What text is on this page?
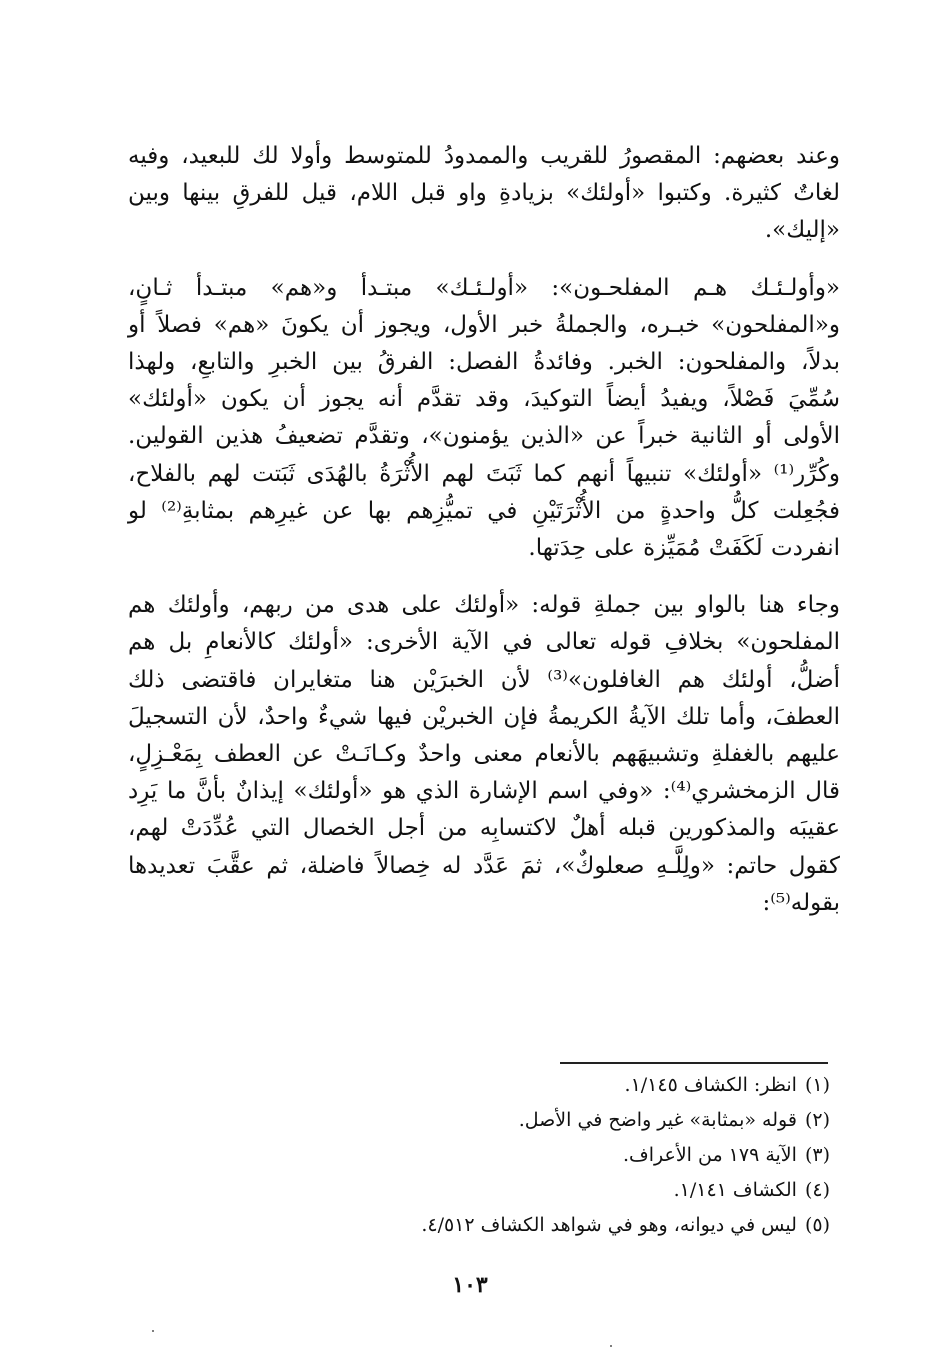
وعند بعضهم: المقصورُ للقريب والممدودُ للمتوسط وأولا لك للبعيد، وفيه لغاتٌ كثيرة. وكتبوا «أولئك» بزيادةِ واو قبل اللام، قيل للفرقِ بينها وبين «إليك».

«وأولـئـك هـم المفلحـون»: «أولـئـك» مبتـدأ و«هم» مبتـدأ ثـانٍ، و«المفلحون» خبـره، والجملةُ خبر الأول، ويجوز أن يكونَ «هم» فصلاً أو بدلاً، والمفلحون: الخبر. وفائدةُ الفصل: الفرقُ بين الخبرِ والتابعِ، ولهذا سُمِّيَ فَصْلاً، ويفيدُ أيضاً التوكيدَ، وقد تقدَّم أنه يجوز أن يكون «أولئك» الأولى أو الثانية خبراً عن «الذين يؤمنون»، وتقدَّم تضعيفُ هذين القولين. وكُرِّر⁽¹⁾ «أولئك» تنبيهاً أنهم كما ثَبَتَ لهم الأُثْرَةُ بالهُدَى ثَبَتت لهم بالفلاح، فجُعِلت كلُّ واحدةٍ من الأُثْرَتَيْنِ في تميُّزِهم بها عن غيرِهم بمثابةِ⁽²⁾ لو انفردت لَكَفَتْ مُمَيِّزة على حِدَتها.

وجاء هنا بالواو بين جملةِ قوله: «أولئك على هدى من ربهم، وأولئك هم المفلحون» بخلافِ قوله تعالى في الآية الأخرى: «أولئك كالأنعامِ بل هم أضلُّ، أولئك هم الغافلون»⁽³⁾ لأن الخبرَيْن هنا متغايران فاقتضى ذلك العطفَ، وأما تلك الآيةُ الكريمةُ فإن الخبريْن فيها شيءٌ واحدٌ، لأن التسجيلَ عليهم بالغفلةِ وتشبيهَهم بالأنعام معنى واحدٌ وكـانَـتْ عن العطف بِمَعْـزِلٍ، قال الزمخشري⁽⁴⁾: «وفي اسم الإشارة الذي هو «أولئك» إيذانٌ بأنَّ ما يَرِد عقيبَه والمذكورين قبله أهلٌ لاكتسابِه من أجل الخصال التي عُدِّدَتْ لهم، كقول حاتم: «ولِلَّـهِ صعلوكٌ»، ثمَ عَدَّد له خِصالاً فاضلة، ثم عقَّبَ تعديدها بقوله⁽⁵⁾:

(١)انظر: الكشاف ١/١٤٥.
(٢)قوله «بمثابة» غير واضح في الأصل.
(٣)الآية ١٧٩ من الأعراف.
(٤)الكشاف ١/١٤١.
(٥)ليس في ديوانه، وهو في شواهد الكشاف ٤/٥١٢.
١٠٣
